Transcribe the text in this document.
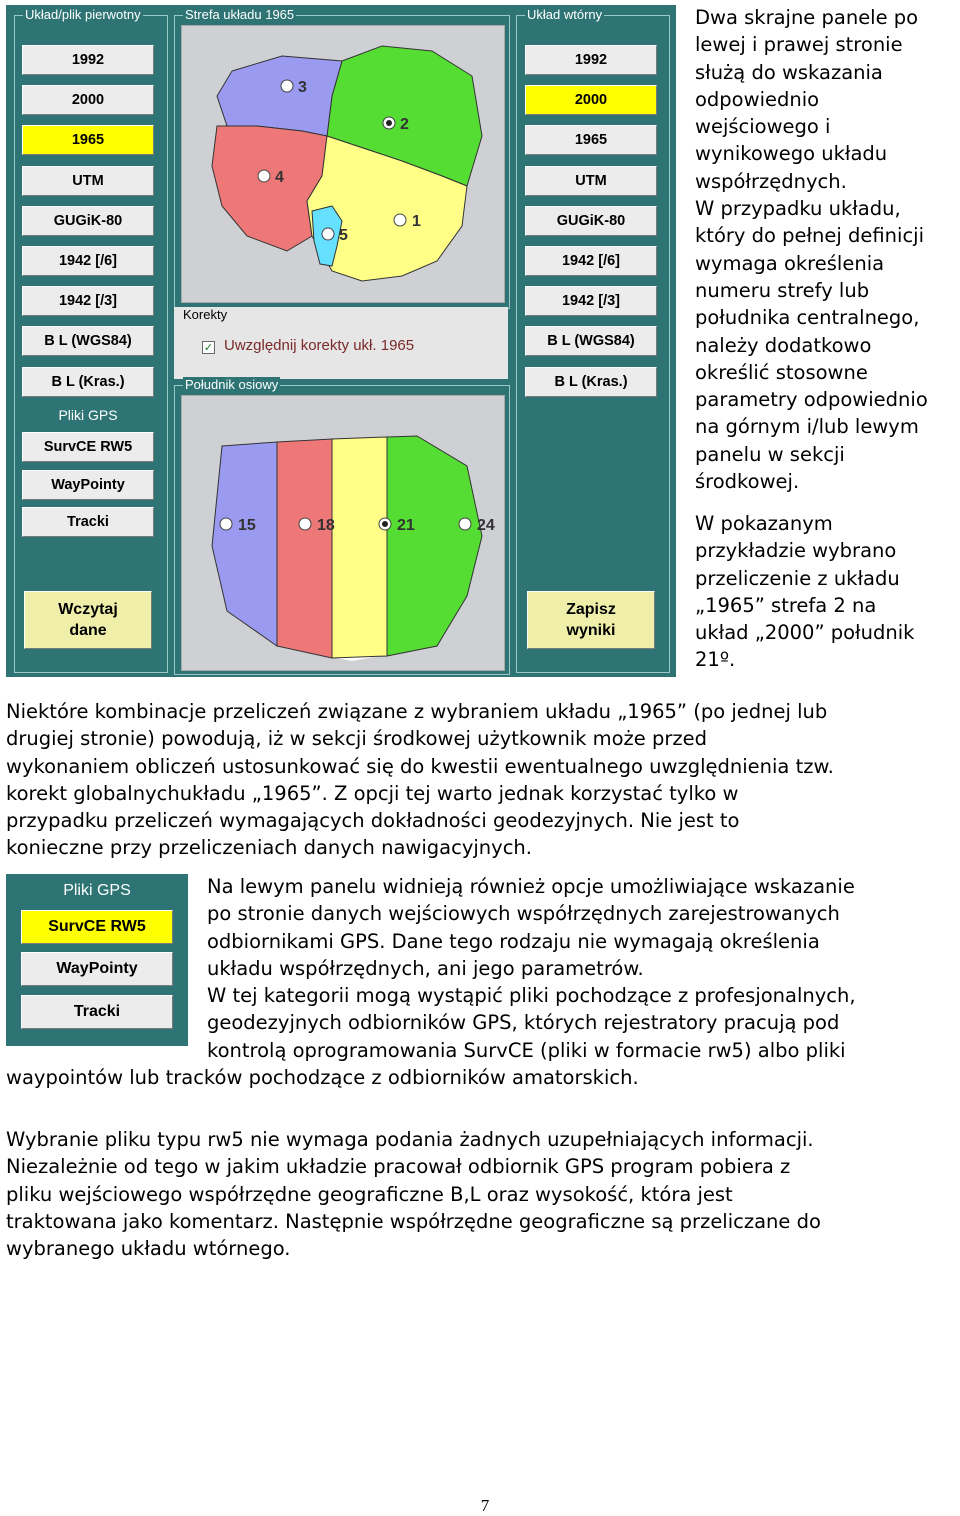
Układ/plik pierwotny
1992
2000
1965
UTM
GUGiK-80
1942 [/6]
1942 [/3]
B L (WGS84)
B L (Kras.)
Pliki GPS
SurvCE RW5
WayPointy
Tracki
Wczytaj
dane
Strefa układu 1965
3
2
4
1
5
Korekty
✓ Uwzględnij korekty ukł. 1965
Południk osiowy
15	18	21	24
Układ wtórny
1992
2000
1965
UTM
GUGiK-80
1942 [/6]
1942 [/3]
B L (WGS84)
B L (Kras.)
Zapisz
wyniki
Dwa skrajne panele po
lewej i prawej stronie
służą do wskazania
odpowiednio
wejściowego i
wynikowego układu
współrzędnych.
W przypadku układu,
który do pełnej definicji
wymaga określenia
numeru strefy lub
południka centralnego,
należy dodatkowo
określić stosowne
parametry odpowiednio
na górnym i/lub lewym
panelu w sekcji
środkowej.
W pokazanym
przykładzie wybrano
przeliczenie z układu
„1965” strefa 2 na
układ „2000” południk
21º.
Niektóre kombinacje przeliczeń związane z wybraniem układu „1965” (po jednej lub
drugiej stronie) powodują, iż w sekcji środkowej użytkownik może przed
wykonaniem obliczeń ustosunkować się do kwestii ewentualnego uwzględnienia tzw.
korekt globalnychukładu „1965”. Z opcji tej warto jednak korzystać tylko w
przypadku przeliczeń wymagających dokładności geodezyjnych. Nie jest to
konieczne przy przeliczeniach danych nawigacyjnych.
Pliki GPS
SurvCE RW5
WayPointy
Tracki
Na lewym panelu widnieją również opcje umożliwiające wskazanie
po stronie danych wejściowych współrzędnych zarejestrowanych
odbiornikami GPS. Dane tego rodzaju nie wymagają określenia
układu współrzędnych, ani jego parametrów.
W tej kategorii mogą wystąpić pliki pochodzące z profesjonalnych,
geodezyjnych odbiorników GPS, których rejestratory pracują pod
kontrolą oprogramowania SurvCE (pliki w formacie rw5) albo pliki
waypointów lub tracków pochodzące z odbiorników amatorskich.
Wybranie pliku typu rw5 nie wymaga podania żadnych uzupełniających informacji.
Niezależnie od tego w jakim układzie pracował odbiornik GPS program pobiera z
pliku wejściowego współrzędne geograficzne B,L oraz wysokość, która jest
traktowana jako komentarz. Następnie współrzędne geograficzne są przeliczane do
wybranego układu wtórnego.
7
